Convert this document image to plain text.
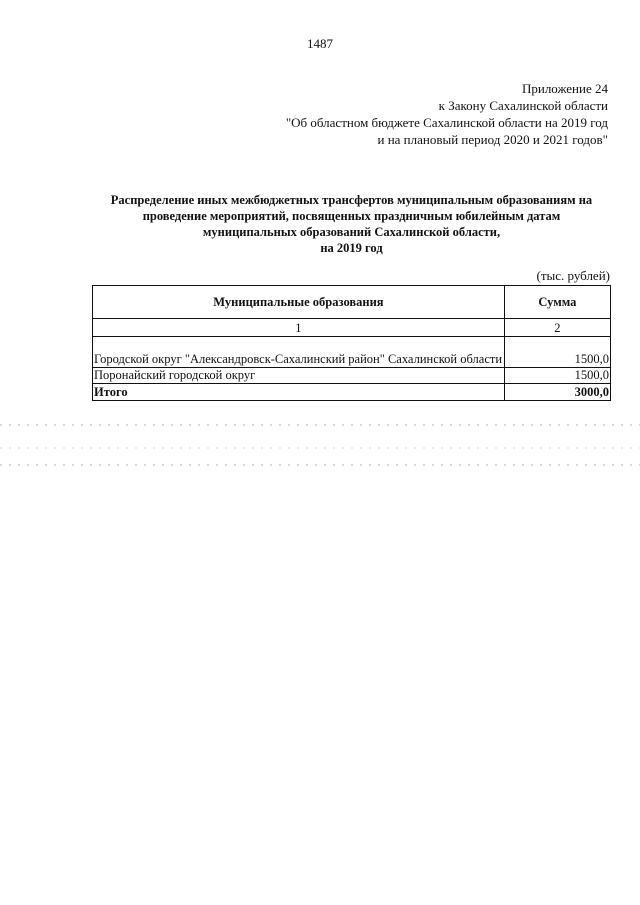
1487
Приложение 24
к Закону Сахалинской области
"Об областном бюджете Сахалинской области на 2019 год
и на плановый период 2020 и 2021 годов"
Распределение иных межбюджетных трансфертов муниципальным образованиям на
проведение мероприятий, посвященных праздничным юбилейным датам
муниципальных образований Сахалинской области,
на 2019 год
(тыс. рублей)
Муниципальные образования	Сумма
1	2
Городской округ "Александровск-Сахалинский район" Сахалинской области	1500,0
Поронайский городской округ	1500,0
Итого	3000,0
